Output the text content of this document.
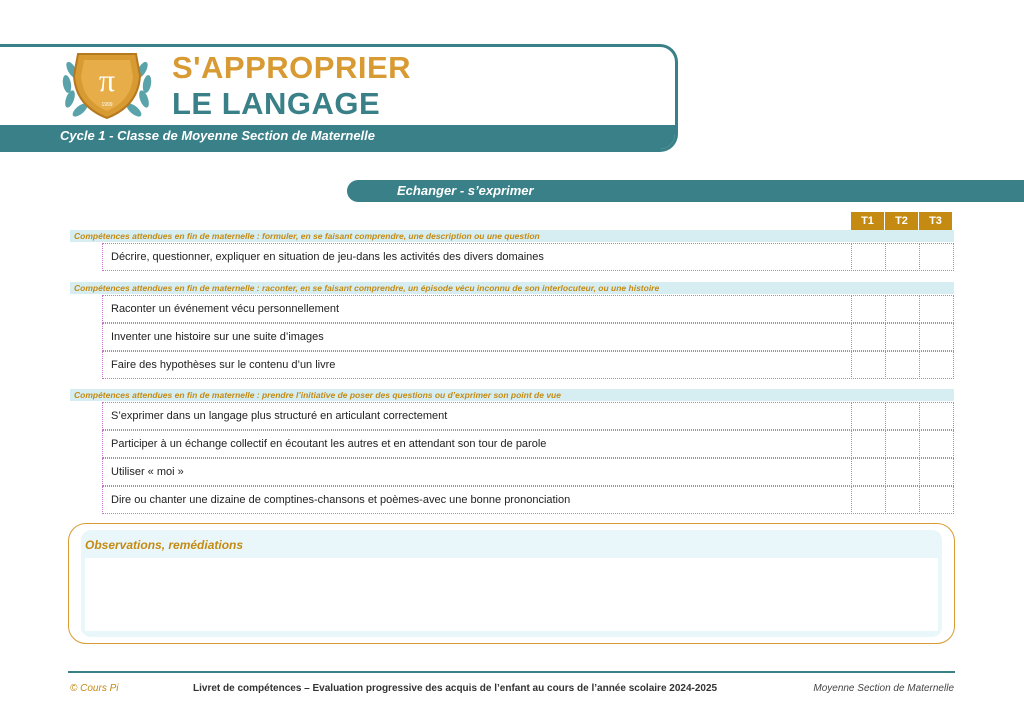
Cycle 1 - Classe de Moyenne Section de Maternelle
π
1999
S'APPROPRIER
LE LANGAGE
Echanger - s’exprimer
T1	T2	T3
Compétences attendues en fin de maternelle : formuler, en se faisant comprendre, une description ou une question
Décrire, questionner, expliquer en situation de jeu-dans les activités des divers domaines
Compétences attendues en fin de maternelle : raconter, en se faisant comprendre, un épisode vécu inconnu de son interlocuteur, ou une histoire
Raconter un événement vécu personnellement
Inventer une histoire sur une suite d’images
Faire des hypothèses sur le contenu d’un livre
Compétences attendues en fin de maternelle : prendre l’initiative de poser des questions ou d’exprimer son point de vue
S’exprimer dans un langage plus structuré en articulant correctement
Participer à un échange collectif en écoutant les autres et en attendant son tour de parole
Utiliser « moi »
Dire ou chanter une dizaine de comptines-chansons et poèmes-avec une bonne prononciation
Observations, remédiations
© Cours Pi	Livret de compétences – Evaluation progressive des acquis de l’enfant au cours de l’année scolaire 2024-2025	Moyenne Section de Maternelle
